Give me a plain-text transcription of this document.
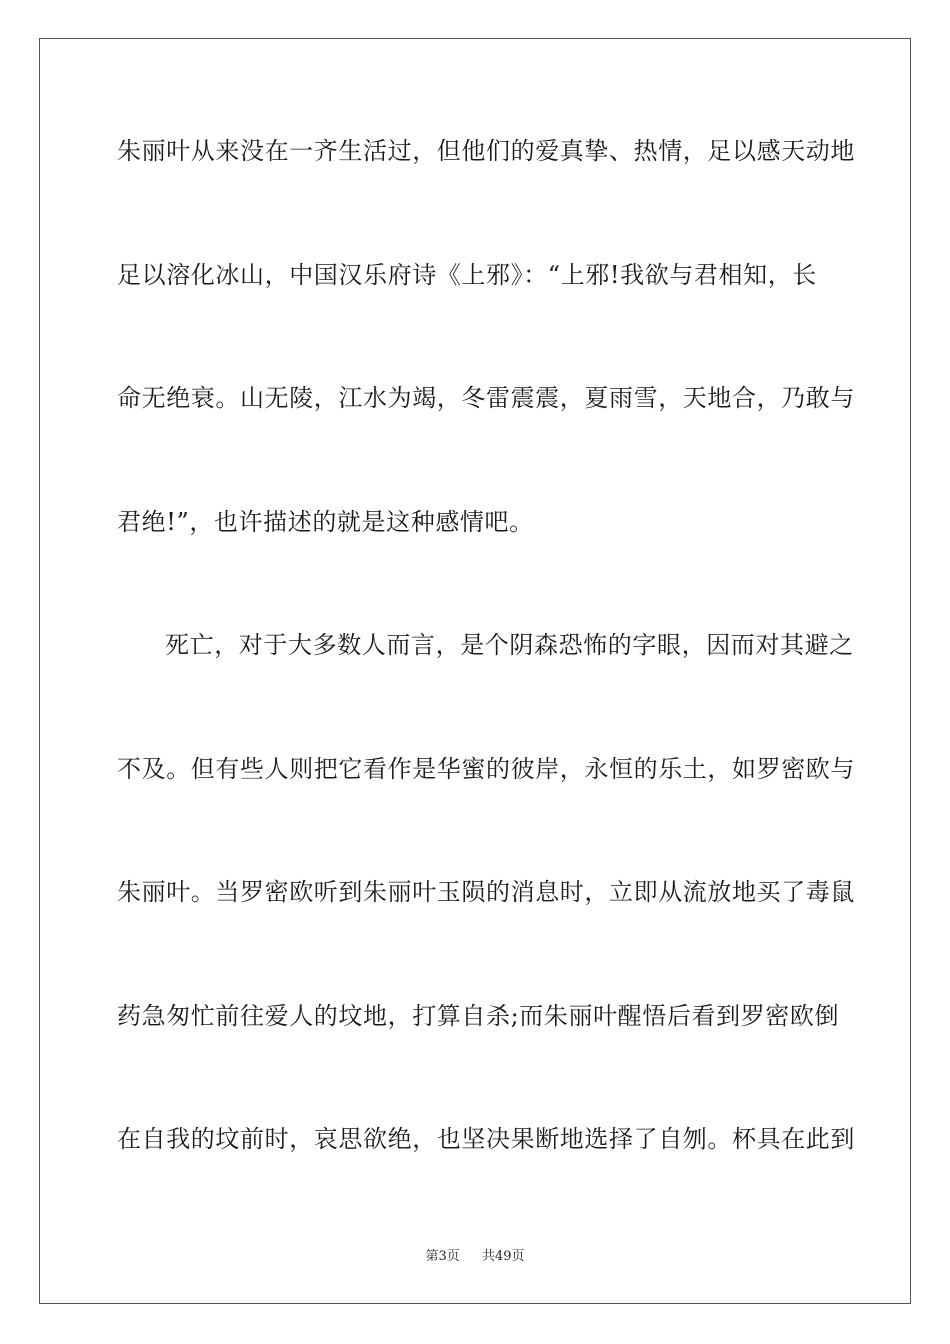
朱丽叶从来没在一齐生活过，但他们的爱真挚、热情，足以感天动地
足以溶化冰山，中国汉乐府诗《上邪》：“上邪!我欲与君相知，长
命无绝衰。山无陵，江水为竭，冬雷震震，夏雨雪，天地合，乃敢与
君绝!”，也许描述的就是这种感情吧。
死亡，对于大多数人而言，是个阴森恐怖的字眼，因而对其避之
不及。但有些人则把它看作是华蜜的彼岸，永恒的乐土，如罗密欧与
朱丽叶。当罗密欧听到朱丽叶玉陨的消息时，立即从流放地买了毒鼠
药急匆忙前往爱人的坟地，打算自杀;而朱丽叶醒悟后看到罗密欧倒
在自我的坟前时，哀思欲绝，也坚决果断地选择了自刎。杯具在此到
第3页 共49页
